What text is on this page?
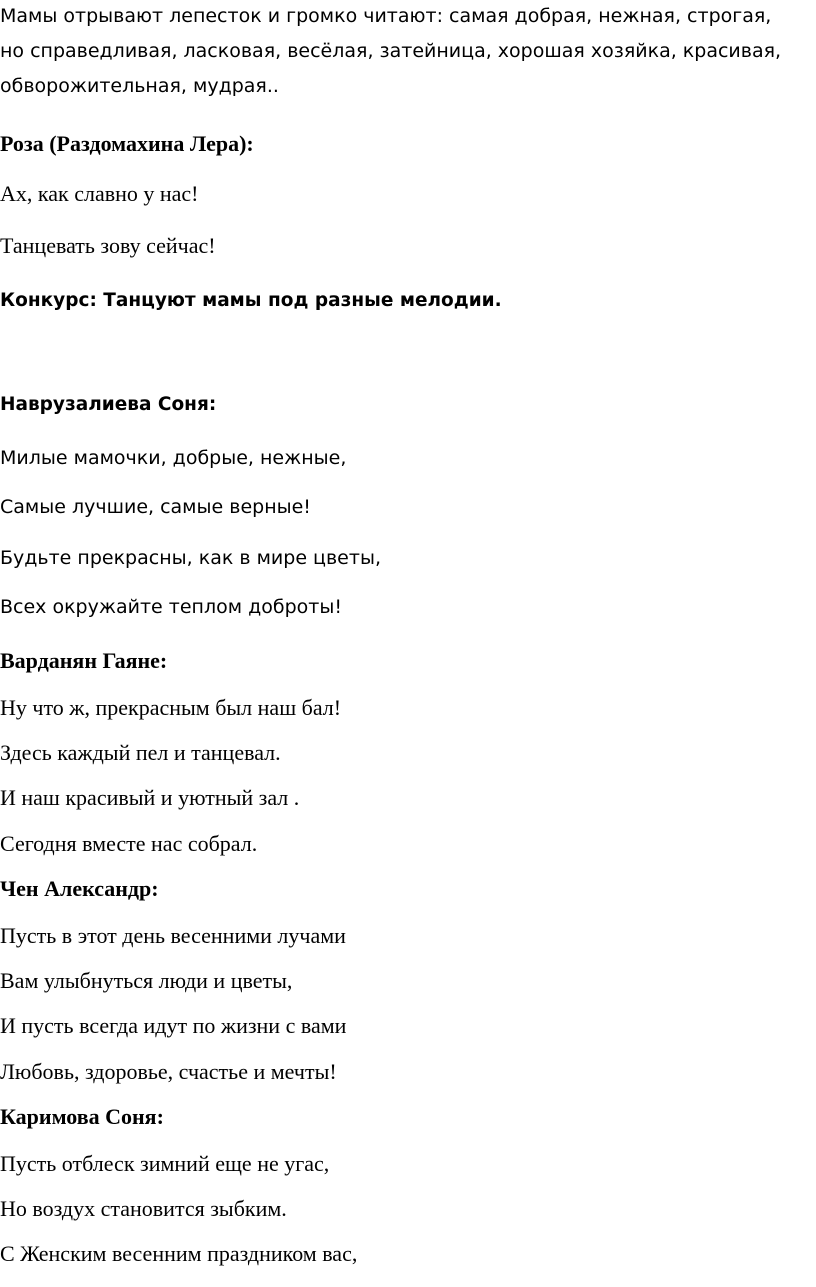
Мамы отрывают лепесток и громко читают: самая добрая, нежная, строгая,
но справедливая, ласковая, весёлая, затейница, хорошая хозяйка, красивая,
обворожительная, мудрая..
Роза (Раздомахина Лера):
Ах, как славно у нас!
Танцевать зову сейчас!
Конкурс: Танцуют мамы под разные мелодии.
Наврузалиева Соня:
Милые мамочки, добрые, нежные,
Самые лучшие, самые верные!
Будьте прекрасны, как в мире цветы,
Всех окружайте теплом доброты!
Варданян Гаяне:
Ну что ж, прекрасным был наш бал!
Здесь каждый пел и танцевал.
И наш красивый и уютный зал .
Сегодня вместе нас собрал.
Чен Александр:
Пусть в этот день весенними лучами
Вам улыбнуться люди и цветы,
И пусть всегда идут по жизни с вами
Любовь, здоровье, счастье и мечты!
Каримова Соня:
Пусть отблеск зимний еще не угас,
Но воздух становится зыбким.
С Женским весенним праздником вас,
